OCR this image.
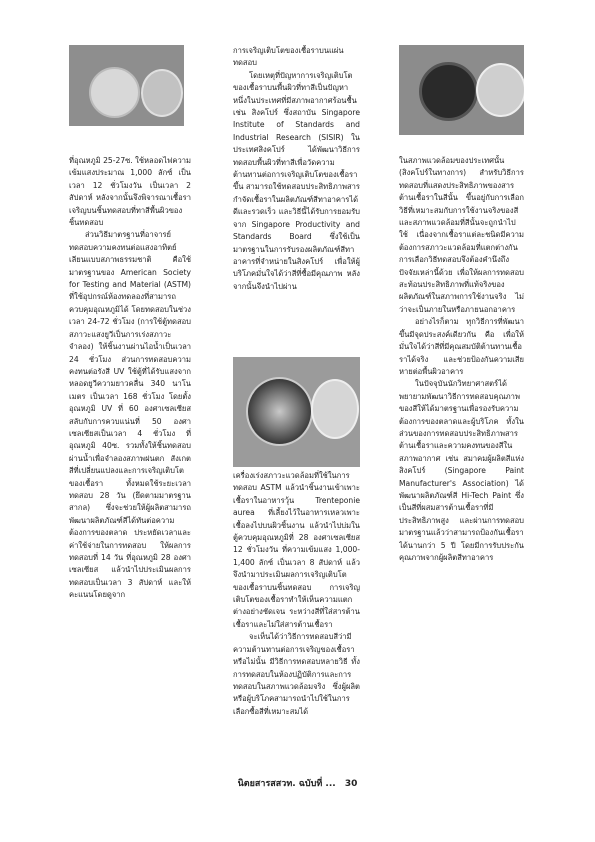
ที่อุณหภูมิ 25-27ซ. ใช้หลอดไฟความเข้มแสงประมาณ 1,000 ลักซ์ เป็นเวลา 12 ชั่วโมงวัน เป็นเวลา 2 สัปดาห์ หลังจากนั้นจึงพิจารณาเชื้อราเจริญบนชิ้นทดสอบที่ทาสีพื้นผิวของชิ้นทดสอบ

ส่วนวิธีมาตรฐานที่อาจารย์ทดสอบความคงทนต่อแสงอาทิตย์ เลียนแบบสภาพธรรมชาติ คือใช้มาตรฐานของ American Society for Testing and Material (ASTM) ที่ใช้อุปกรณ์ห้องทดลองที่สามารถควบคุมอุณหภูมิได้ โดยทดสอบในช่วงเวลา 24-72 ชั่วโมง (การใช้ตู้ทดสอบสภาวะแสงยูวีเป็นการเร่งสภาวะจำลอง) ให้ชิ้นงานผ่านไอน้ำเป็นเวลา 24 ชั่วโมง ส่วนการทดสอบความคงทนต่อรังสี UV ใช้ตู้ที่ได้รับแสงจากหลอดยูวีความยาวคลื่น 340 นาโนเมตร เป็นเวลา 168 ชั่วโมง โดยตั้งอุณหภูมิ UV ที่ 60 องศาเซลเซียส สลับกับการควบแน่นที่ 50 องศาเซลเซียสเป็นเวลา 4 ชั่วโมง ที่อุณหภูมิ 40ซ. รวมทั้งให้ชิ้นทดสอบผ่านน้ำเพื่อจำลองสภาพฝนตก สังเกตสีที่เปลี่ยนแปลงและการเจริญเติบโตของเชื้อรา ทั้งหมดใช้ระยะเวลาทดสอบ 28 วัน (ยึดตามมาตรฐานสากล) ซึ่งจะช่วยให้ผู้ผลิตสามารถพัฒนาผลิตภัณฑ์สีได้ทันต่อความต้องการของตลาด ประหยัดเวลาและค่าใช้จ่ายในการทดสอบ ให้ผลการทดสอบที่ 14 วัน ที่อุณหภูมิ 28 องศาเซลเซียส แล้วนำไปประเมินผลการทดสอบเป็นเวลา 3 สัปดาห์ และให้คะแนนโดยดูจาก

การเจริญเติบโตของเชื้อราบนแผ่นทดสอบ

โดยเหตุที่ปัญหาการเจริญเติบโตของเชื้อราบนพื้นผิวที่ทาสีเป็นปัญหาหนึ่งในประเทศที่มีสภาพอากาศร้อนชื้น เช่น สิงคโปร์ ซึ่งสถาบัน Singapore Institute of Standards and Industrial Research (SISIR) ในประเทศสิงคโปร์ ได้พัฒนาวิธีการทดสอบพื้นผิวที่ทาสีเพื่อวัดความต้านทานต่อการเจริญเติบโตของเชื้อราขึ้น สามารถใช้ทดสอบประสิทธิภาพสารกำจัดเชื้อราในผลิตภัณฑ์สีทาอาคารได้ดีและรวดเร็ว และวิธีนี้ได้รับการยอมรับจาก Singapore Productivity and Standards Board ซึ่งใช้เป็นมาตรฐานในการรับรองผลิตภัณฑ์สีทาอาคารที่จำหน่ายในสิงคโปร์ เพื่อให้ผู้บริโภคมั่นใจได้ว่าสีที่ซื้อมีคุณภาพ หลังจากนั้นจึงนำไปผ่าน

เครื่องเร่งสภาวะแวดล้อมที่ใช้ในการทดสอบ ASTM แล้วนำชิ้นงานเข้าเพาะเชื้อราในอาหารวุ้น Trenteponie aurea ที่เลี้ยงไว้ในอาหารเหลวเพาะเชื้อลงไปบนผิวชิ้นงาน แล้วนำไปบ่มในตู้ควบคุมอุณหภูมิที่ 28 องศาเซลเซียส 12 ชั่วโมงวัน ที่ความเข้มแสง 1,000-1,400 ลักซ์ เป็นเวลา 8 สัปดาห์ แล้วจึงนำมาประเมินผลการเจริญเติบโตของเชื้อราบนชิ้นทดสอบ การเจริญเติบโตของเชื้อราทำให้เห็นความแตกต่างอย่างชัดเจน ระหว่างสีที่ใส่สารต้านเชื้อราและไม่ใส่สารต้านเชื้อรา

จะเห็นได้ว่าวิธีการทดสอบสีว่ามีความต้านทานต่อการเจริญของเชื้อราหรือไม่นั้น มีวิธีการทดสอบหลายวิธี ทั้งการทดสอบในห้องปฏิบัติการและการทดสอบในสภาพแวดล้อมจริง ซึ่งผู้ผลิตหรือผู้บริโภคสามารถนำไปใช้ในการเลือกซื้อสีที่เหมาะสมได้

ในสภาพแวดล้อมของประเทศนั้น (สิงคโปร์ในทางการ) สำหรับวิธีการทดสอบที่แสดงประสิทธิภาพของสารต้านเชื้อราในสีนั้น ขึ้นอยู่กับการเลือกวิธีที่เหมาะสมกับการใช้งานจริงของสีและสภาพแวดล้อมที่สีนั้นจะถูกนำไปใช้ เนื่องจากเชื้อราแต่ละชนิดมีความต้องการสภาวะแวดล้อมที่แตกต่างกัน การเลือกวิธีทดสอบจึงต้องคำนึงถึงปัจจัยเหล่านี้ด้วย เพื่อให้ผลการทดสอบสะท้อนประสิทธิภาพที่แท้จริงของผลิตภัณฑ์ในสภาพการใช้งานจริง ไม่ว่าจะเป็นภายในหรือภายนอกอาคาร

อย่างไรก็ตาม ทุกวิธีการที่พัฒนาขึ้นมีจุดประสงค์เดียวกัน คือ เพื่อให้มั่นใจได้ว่าสีที่มีคุณสมบัติต้านทานเชื้อราได้จริง และช่วยป้องกันความเสียหายต่อพื้นผิวอาคาร

ในปัจจุบันนักวิทยาศาสตร์ได้พยายามพัฒนาวิธีการทดสอบคุณภาพของสีให้ได้มาตรฐานเพื่อรองรับความต้องการของตลาดและผู้บริโภค ทั้งในส่วนของการทดสอบประสิทธิภาพสารต้านเชื้อราและความคงทนของสีในสภาพอากาศ เช่น สมาคมผู้ผลิตสีแห่งสิงคโปร์ (Singapore Paint Manufacturer's Association) ได้พัฒนาผลิตภัณฑ์สี Hi-Tech Paint ซึ่งเป็นสีที่ผสมสารต้านเชื้อราที่มีประสิทธิภาพสูง และผ่านการทดสอบมาตรฐานแล้วว่าสามารถป้องกันเชื้อราได้นานกว่า 5 ปี โดยมีการรับประกันคุณภาพจากผู้ผลิตสีทาอาคาร

นิตยสารสสวท. ฉบับที่ ... 30
